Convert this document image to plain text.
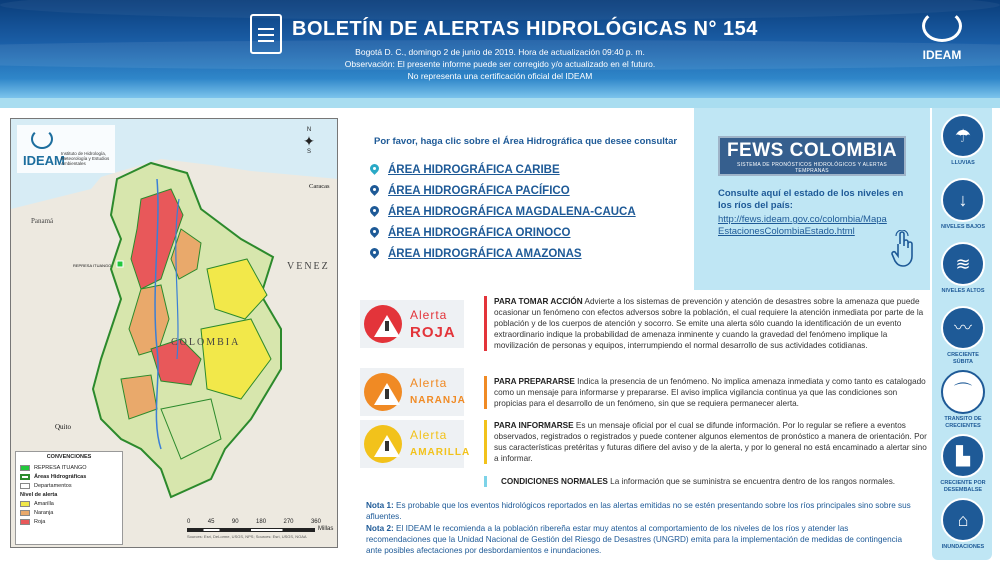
BOLETÍN DE ALERTAS HIDROLÓGICAS N° 154
Bogotá D. C., domingo 2 de junio de 2019. Hora de actualización 09:40 p. m.
Observación: El presente informe puede ser corregido y/o actualizado en el futuro.
No representa una certificación oficial del IDEAM
IDEAM
IDEAM
Instituto de Hidrología, Meteorología y Estudios Ambientales
N
✦
S
Panamá
Caracas
VENEZ
COLOMBIA
Quito
REPRESA ITUANGO
CONVENCIONES
REPRESA ITUANGO
Áreas Hidrográficas
Departamentos
Nivel de alerta
Amarilla
Naranja
Roja	0	45	90	180	270	360
Millas
Sources: Esri, DeLorme, USGS, NPS; Sources: Esri, USGS, NOAA
Por favor, haga clic sobre el Área Hidrográfica que desee consultar
ÁREA HIDROGRÁFICA CARIBE
ÁREA HIDROGRÁFICA PACÍFICO
ÁREA HIDROGRÁFICA MAGDALENA-CAUCA
ÁREA HIDROGRÁFICA ORINOCO
ÁREA HIDROGRÁFICA AMAZONAS
FEWS COLOMBIA
SISTEMA DE PRONÓSTICOS HIDROLÓGICOS Y ALERTAS TEMPRANAS
Consulte aquí el estado de los niveles en los ríos del país:
http://fews.ideam.gov.co/colombia/MapaEstacionesColombiaEstado.html
Alerta
ROJA
PARA TOMAR ACCIÓN Advierte a los sistemas de prevención y atención de desastres sobre la amenaza que puede ocasionar un fenómeno con efectos adversos sobre la población, el cual requiere la atención inmediata por parte de la población y de los cuerpos de atención y socorro. Se emite una alerta sólo cuando la identificación de un evento extraordinario indique la probabilidad de amenaza inminente y cuando la gravedad del fenómeno implique la movilización de personas y equipos, interrumpiendo el normal desarrollo de sus actividades cotidianas.
Alerta
NARANJA
PARA PREPARARSE Indica la presencia de un fenómeno. No implica amenaza inmediata y como tanto es catalogado como un mensaje para informarse y prepararse. El aviso implica vigilancia continua ya que las condiciones son propicias para el desarrollo de un fenómeno, sin que se requiera permanecer alerta.
Alerta
AMARILLA
PARA INFORMARSE Es un mensaje oficial por el cual se difunde información. Por lo regular se refiere a eventos observados, registrados o registrados y puede contener algunos elementos de pronóstico a manera de orientación. Por sus características pretéritas y futuras difiere del aviso y de la alerta, y por lo general no está encaminado a alertar sino a informar.
CONDICIONES NORMALES La información que se suministra se encuentra dentro de los rangos normales.

Nota 1: Es probable que los eventos hidrológicos reportados en las alertas emitidas no se estén presentando sobre los ríos principales sino sobre sus afluentes.

Nota 2: El IDEAM le recomienda a la población ribereña estar muy atentos al comportamiento de los niveles de los ríos y atender las recomendaciones que la Unidad Nacional de Gestión del Riesgo de Desastres (UNGRD) emita para la implementación de medidas de contingencia ante posibles afectaciones por desbordamientos e inundaciones.

☂
LLUVIAS
↓
NIVELES BAJOS
≋
NIVELES ALTOS
〰
CRECIENTE SÚBITA
⌒
TRANSITO DE CRECIENTES
▙
CRECIENTE POR DESEMBALSE
⌂
INUNDACIONES
